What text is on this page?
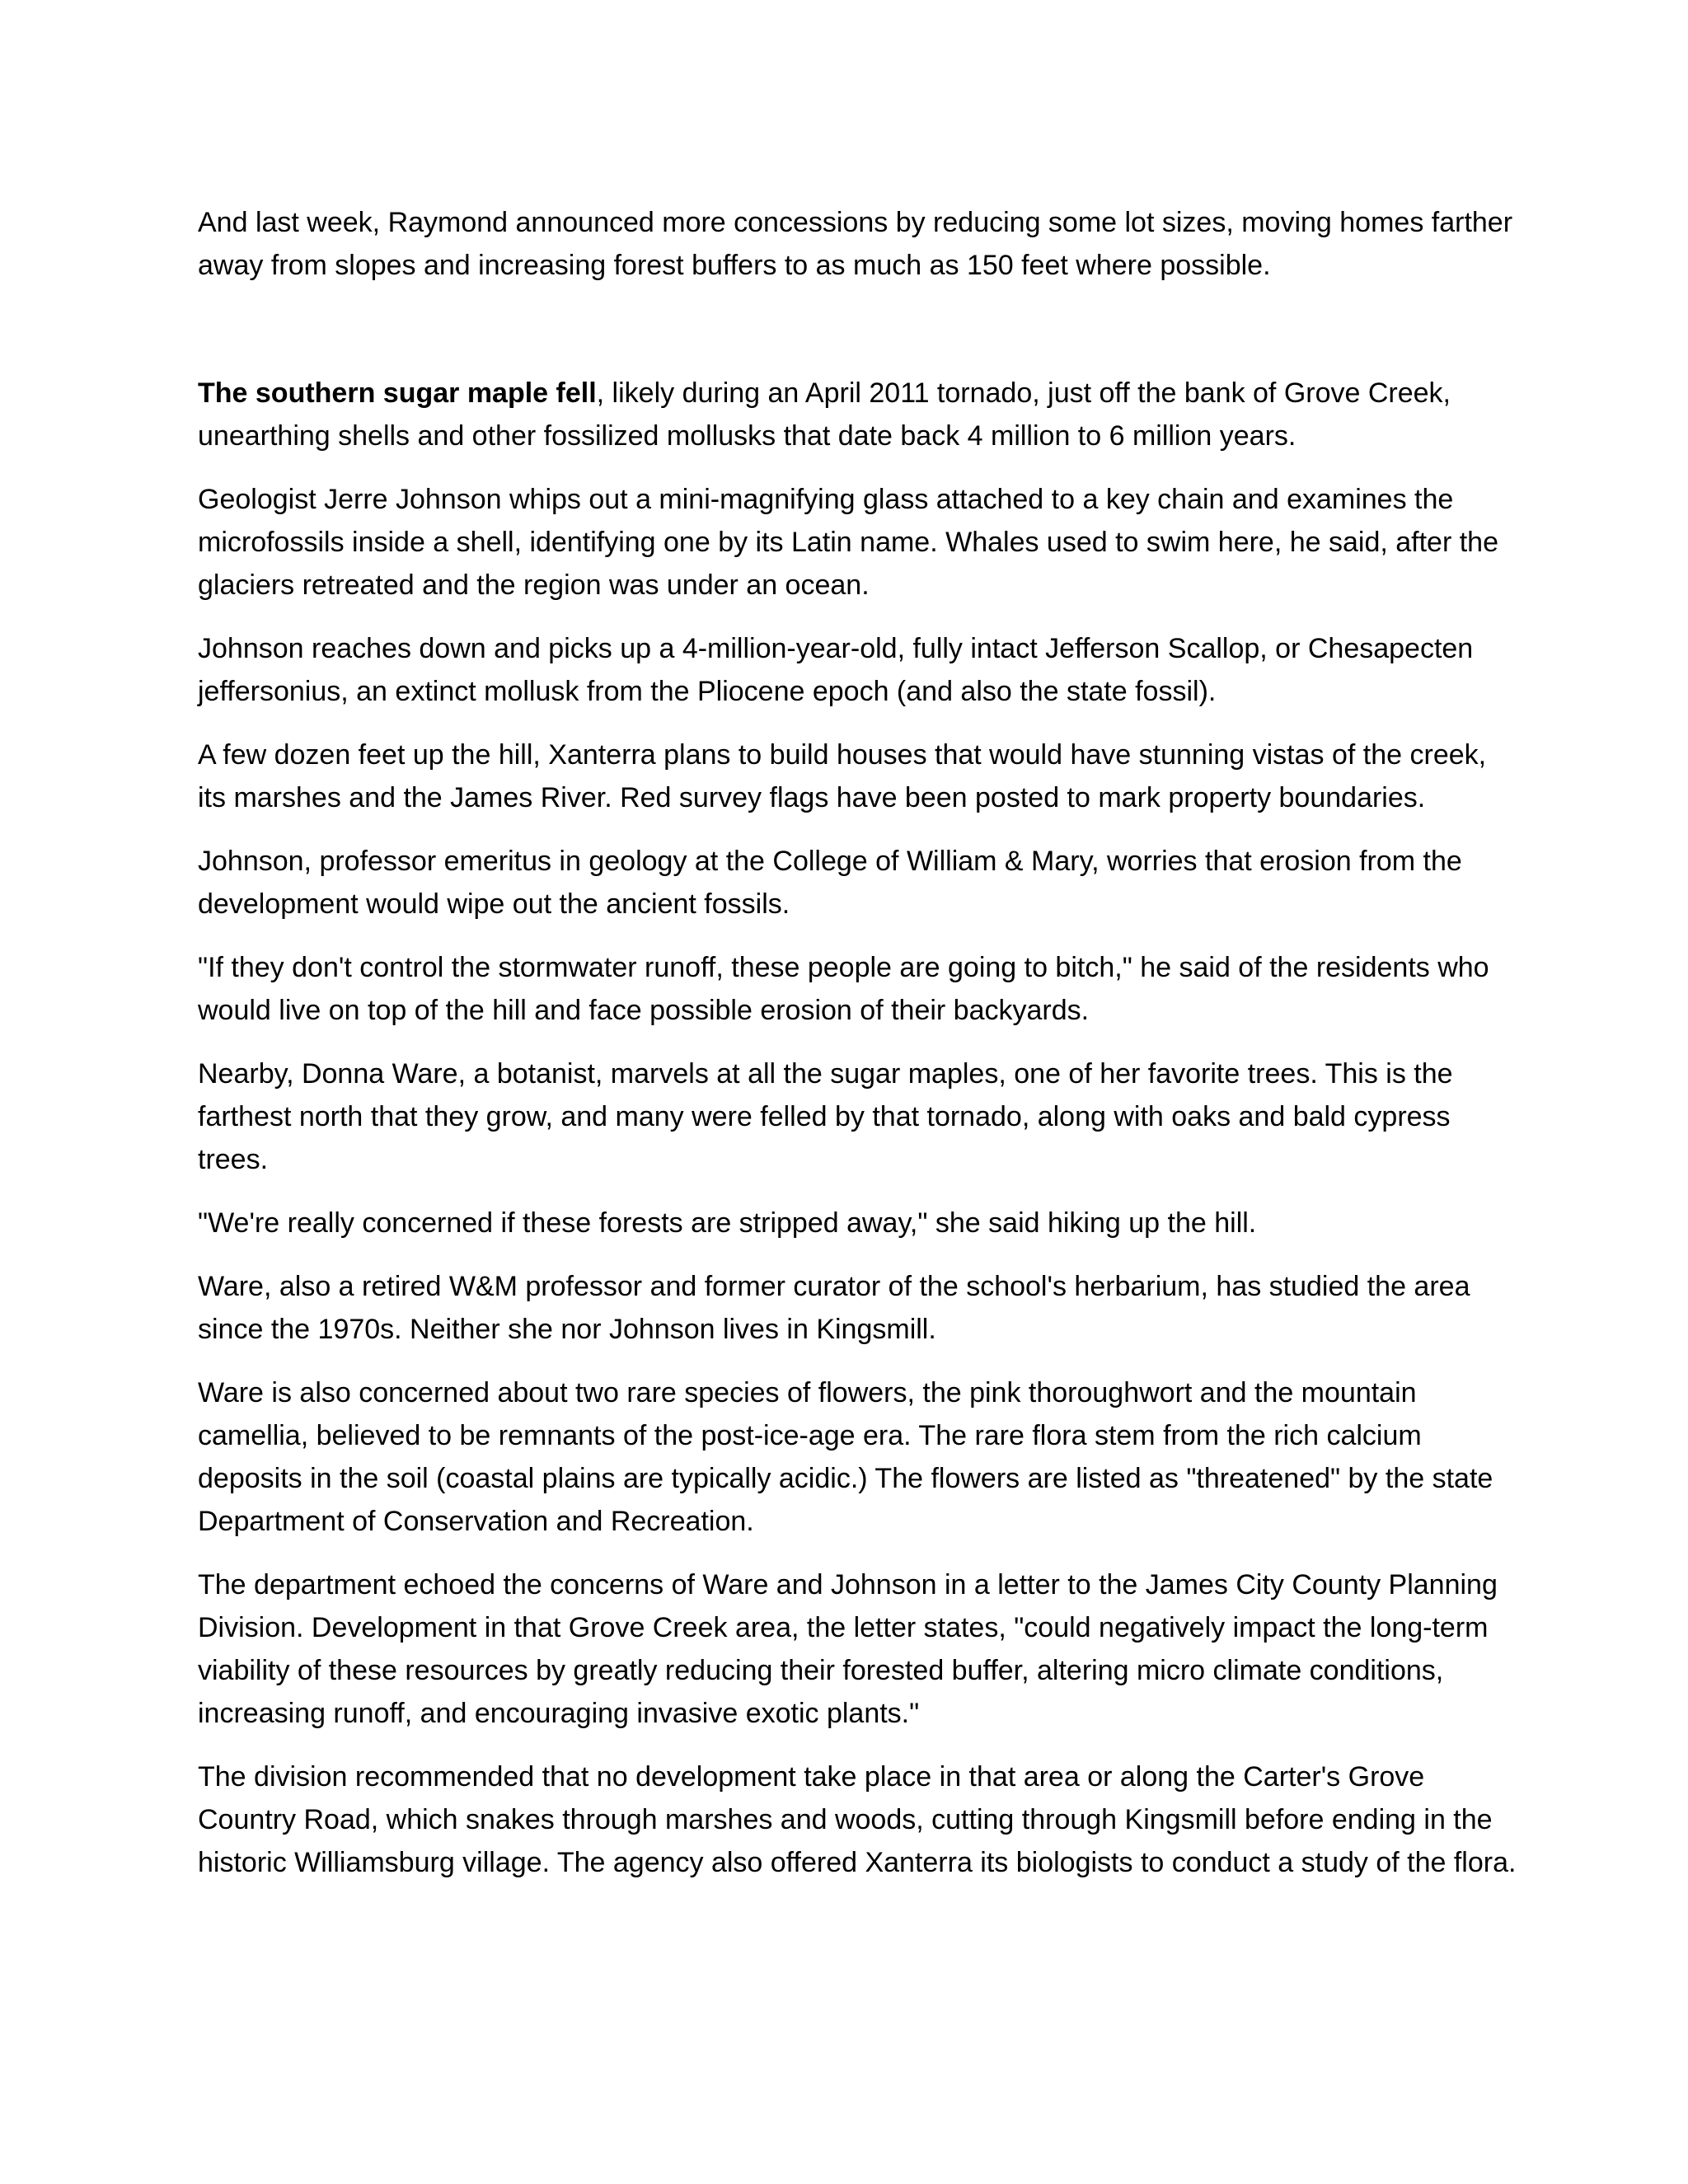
And last week, Raymond announced more concessions by reducing some lot sizes, moving homes farther away from slopes and increasing forest buffers to as much as 150 feet where possible.

The southern sugar maple fell, likely during an April 2011 tornado, just off the bank of Grove Creek, unearthing shells and other fossilized mollusks that date back 4 million to 6 million years.

Geologist Jerre Johnson whips out a mini-magnifying glass attached to a key chain and examines the microfossils inside a shell, identifying one by its Latin name. Whales used to swim here, he said, after the glaciers retreated and the region was under an ocean.

Johnson reaches down and picks up a 4-million-year-old, fully intact Jefferson Scallop, or Chesapecten jeffersonius, an extinct mollusk from the Pliocene epoch (and also the state fossil).

A few dozen feet up the hill, Xanterra plans to build houses that would have stunning vistas of the creek, its marshes and the James River. Red survey flags have been posted to mark property boundaries.

Johnson, professor emeritus in geology at the College of William & Mary, worries that erosion from the development would wipe out the ancient fossils.

"If they don't control the stormwater runoff, these people are going to bitch," he said of the residents who would live on top of the hill and face possible erosion of their backyards.

Nearby, Donna Ware, a botanist, marvels at all the sugar maples, one of her favorite trees. This is the farthest north that they grow, and many were felled by that tornado, along with oaks and bald cypress trees.

"We're really concerned if these forests are stripped away," she said hiking up the hill.

Ware, also a retired W&M professor and former curator of the school's herbarium, has studied the area since the 1970s. Neither she nor Johnson lives in Kingsmill.

Ware is also concerned about two rare species of flowers, the pink thoroughwort and the mountain camellia, believed to be remnants of the post-ice-age era. The rare flora stem from the rich calcium deposits in the soil (coastal plains are typically acidic.) The flowers are listed as "threatened" by the state Department of Conservation and Recreation.

The department echoed the concerns of Ware and Johnson in a letter to the James City County Planning Division. Development in that Grove Creek area, the letter states, "could negatively impact the long-term viability of these resources by greatly reducing their forested buffer, altering micro climate conditions, increasing runoff, and encouraging invasive exotic plants."

The division recommended that no development take place in that area or along the Carter's Grove Country Road, which snakes through marshes and woods, cutting through Kingsmill before ending in the historic Williamsburg village. The agency also offered Xanterra its biologists to conduct a study of the flora.
